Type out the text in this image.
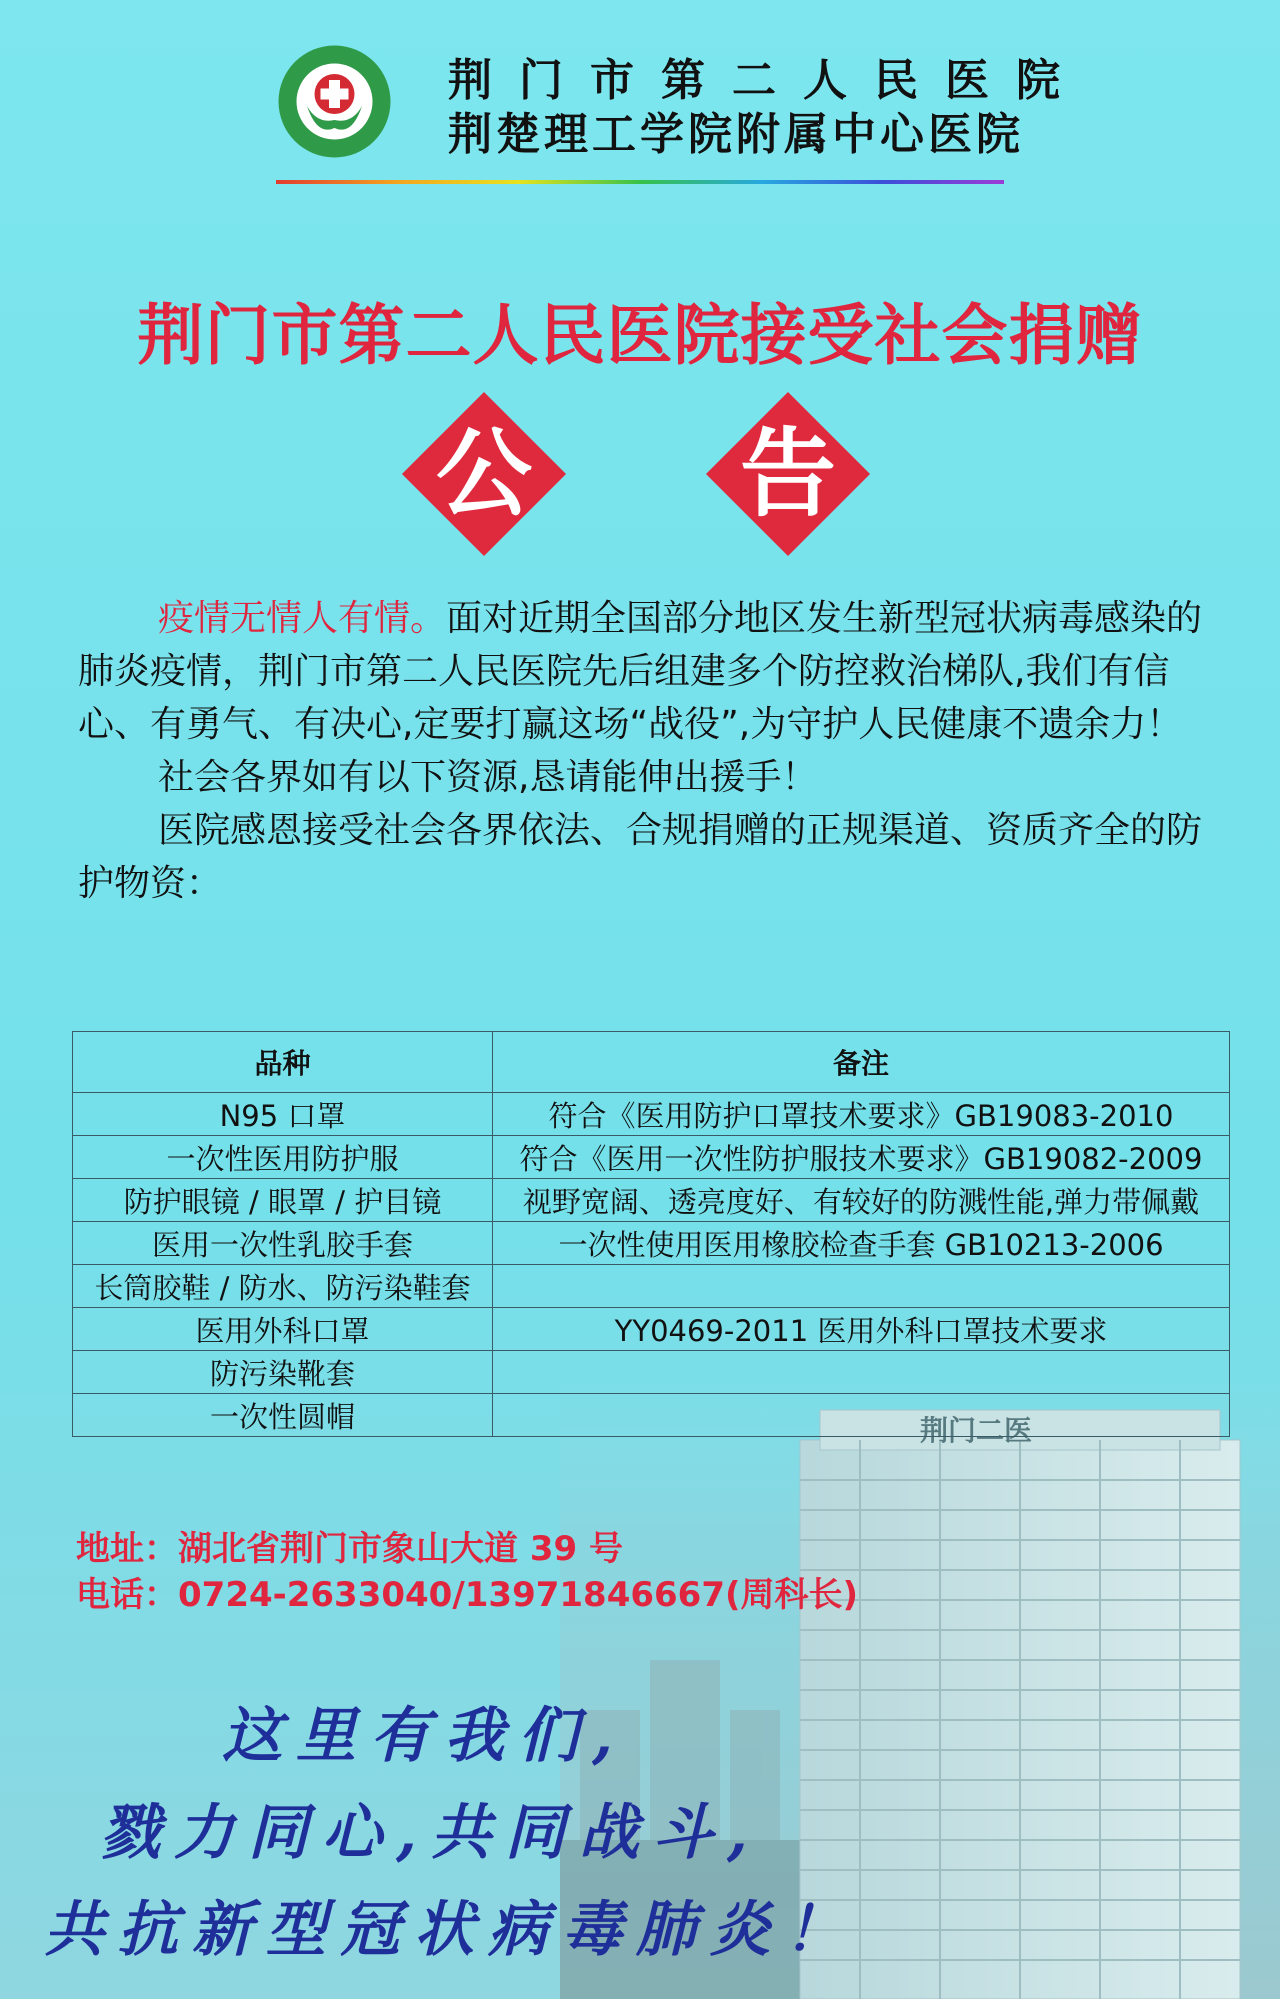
荆门二医
荆门市第二人民医院
荆楚理工学院附属中心医院
荆门市第二人民医院接受社会捐赠
公	告

疫情无情人有情。面对近期全国部分地区发生新型冠状病毒感染的肺炎疫情，荆门市第二人民医院先后组建多个防控救治梯队,我们有信心、有勇气、有决心,定要打赢这场“战役”,为守护人民健康不遗余力！

社会各界如有以下资源,恳请能伸出援手！

医院感恩接受社会各界依法、合规捐赠的正规渠道、资质齐全的防护物资：

品种	备注
N95 口罩	符合《医用防护口罩技术要求》GB19083-2010
一次性医用防护服	符合《医用一次性防护服技术要求》GB19082-2009
防护眼镜 / 眼罩 / 护目镜	视野宽阔、透亮度好、有较好的防溅性能,弹力带佩戴
医用一次性乳胶手套	一次性使用医用橡胶检查手套 GB10213-2006
长筒胶鞋 / 防水、防污染鞋套	
医用外科口罩	YY0469-2011 医用外科口罩技术要求
防污染靴套	
一次性圆帽	
地址：湖北省荆门市象山大道 39 号
电话：0724-2633040/13971846667(周科长)
这里有我们,
戮力同心,共同战斗,
共抗新型冠状病毒肺炎！
